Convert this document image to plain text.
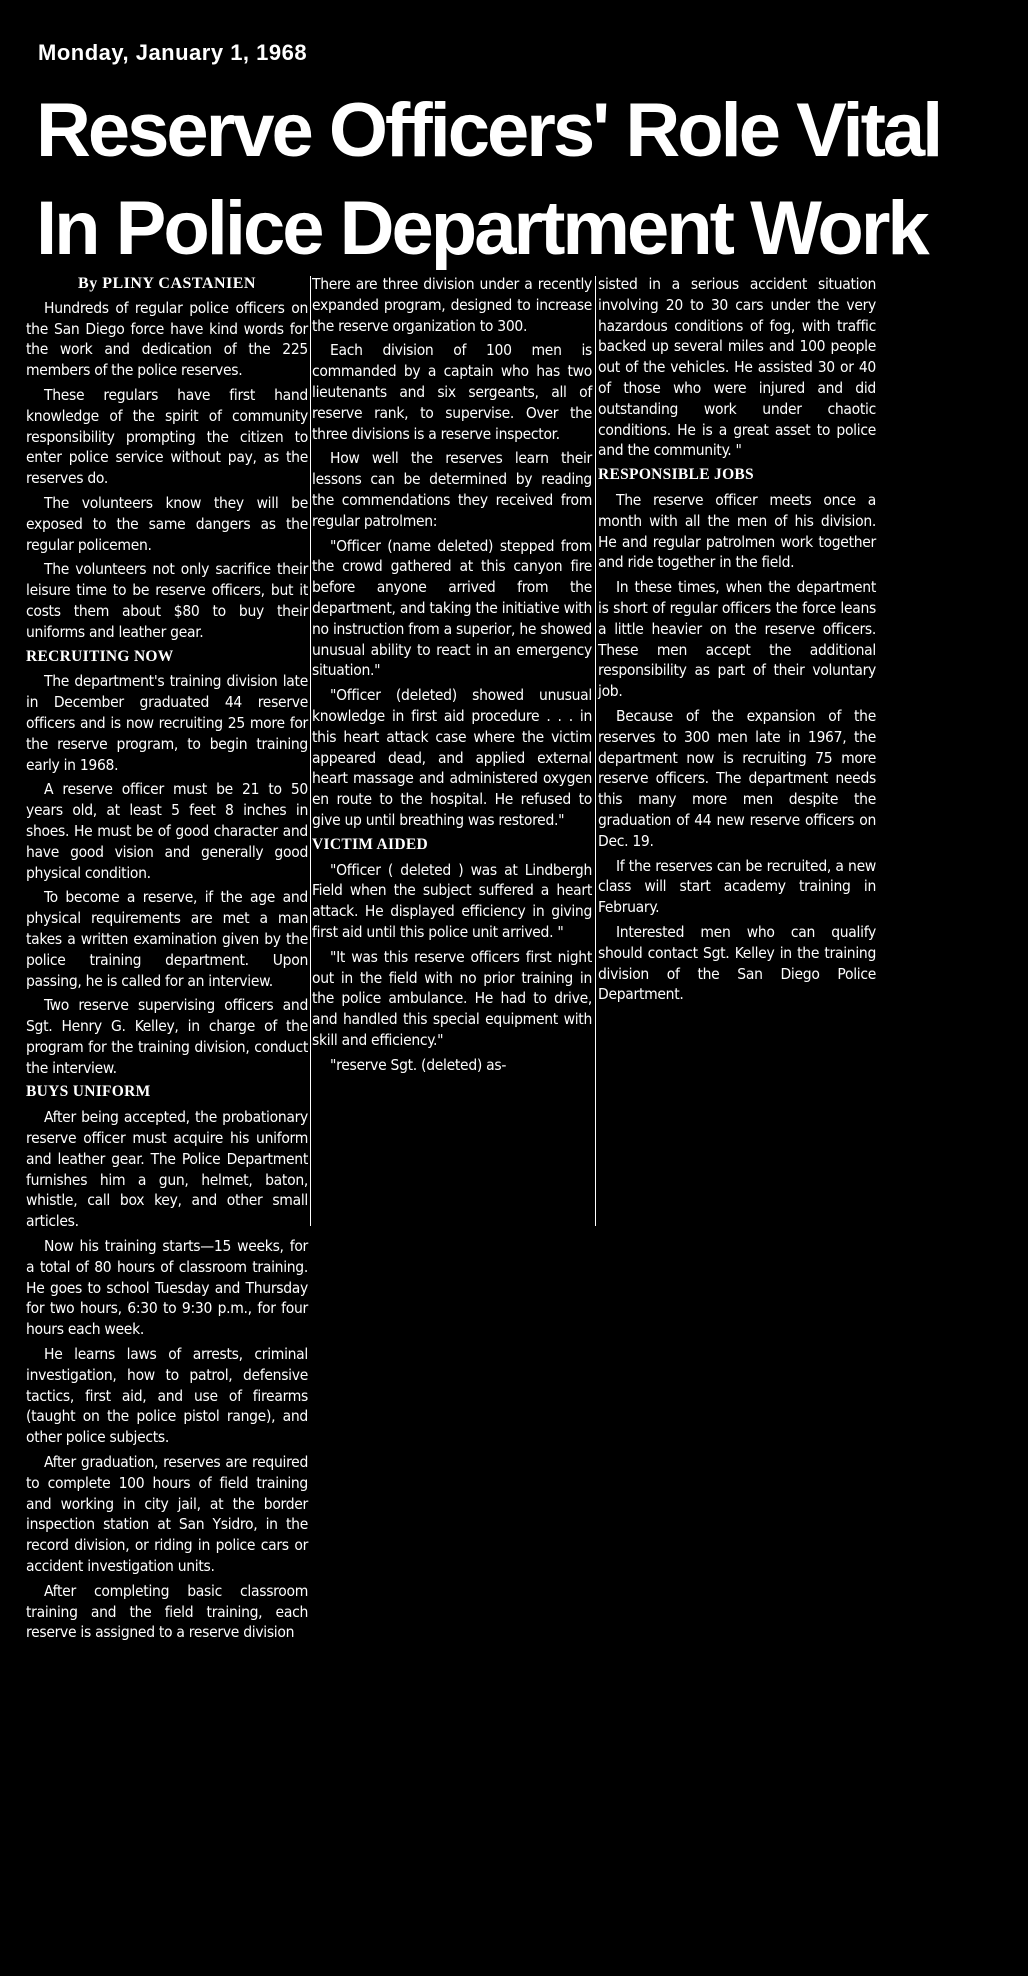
Monday, January 1, 1968
Reserve Officers' Role Vital
In Police Department Work
By PLINY CASTANIEN

Hundreds of regular police officers on the San Diego force have kind words for the work and dedication of the 225 members of the police reserves.

These regulars have first hand knowledge of the spirit of community responsibility prompting the citizen to enter police service without pay, as the reserves do.

The volunteers know they will be exposed to the same dangers as the regular policemen.

The volunteers not only sacrifice their leisure time to be reserve officers, but it costs them about $80 to buy their uniforms and leather gear.

RECRUITING NOW

The department's training division late in December graduated 44 reserve officers and is now recruiting 25 more for the reserve program, to begin training early in 1968.

A reserve officer must be 21 to 50 years old, at least 5 feet 8 inches in shoes. He must be of good character and have good vision and generally good physical condition.

To become a reserve, if the age and physical requirements are met a man takes a written examination given by the police training department. Upon passing, he is called for an interview.

Two reserve supervising officers and Sgt. Henry G. Kelley, in charge of the program for the training division, conduct the interview.

BUYS UNIFORM

After being accepted, the probationary reserve officer must acquire his uniform and leather gear. The Police Department furnishes him a gun, helmet, baton, whistle, call box key, and other small articles.

Now his training starts—15 weeks, for a total of 80 hours of classroom training. He goes to school Tuesday and Thursday for two hours, 6:30 to 9:30 p.m., for four hours each week.

He learns laws of arrests, criminal investigation, how to patrol, defensive tactics, first aid, and use of firearms (taught on the police pistol range), and other police subjects.

After graduation, reserves are required to complete 100 hours of field training and working in city jail, at the border inspection station at San Ysidro, in the record division, or riding in police cars or accident investigation units.

After completing basic classroom training and the field training, each reserve is assigned to a reserve division

There are three division under a recently expanded program, designed to increase the reserve organization to 300.

Each division of 100 men is commanded by a captain who has two lieutenants and six sergeants, all of reserve rank, to supervise. Over the three divisions is a reserve inspector.

How well the reserves learn their lessons can be determined by reading the commendations they received from regular patrolmen:

"Officer (name deleted) stepped from the crowd gathered at this canyon fire before anyone arrived from the department, and taking the initiative with no instruction from a superior, he showed unusual ability to react in an emergency situation."

"Officer (deleted) showed unusual knowledge in first aid procedure . . . in this heart attack case where the victim appeared dead, and applied external heart massage and administered oxygen en route to the hospital. He refused to give up until breathing was restored."

VICTIM AIDED

"Officer ( deleted ) was at Lindbergh Field when the subject suffered a heart attack. He displayed efficiency in giving first aid until this police unit arrived. "

"It was this reserve officers first night out in the field with no prior training in the police ambulance. He had to drive, and handled this special equipment with skill and efficiency."

"reserve Sgt. (deleted) as-

sisted in a serious accident situation involving 20 to 30 cars under the very hazardous conditions of fog, with traffic backed up several miles and 100 people out of the vehicles. He assisted 30 or 40 of those who were injured and did outstanding work under chaotic conditions. He is a great asset to police and the community. "

RESPONSIBLE JOBS

The reserve officer meets once a month with all the men of his division. He and regular patrolmen work together and ride together in the field.

In these times, when the department is short of regular officers the force leans a little heavier on the reserve officers. These men accept the additional responsibility as part of their voluntary job.

Because of the expansion of the reserves to 300 men late in 1967, the department now is recruiting 75 more reserve officers. The department needs this many more men despite the graduation of 44 new reserve officers on Dec. 19.

If the reserves can be recruited, a new class will start academy training in February.

Interested men who can qualify should contact Sgt. Kelley in the training division of the San Diego Police Department.
